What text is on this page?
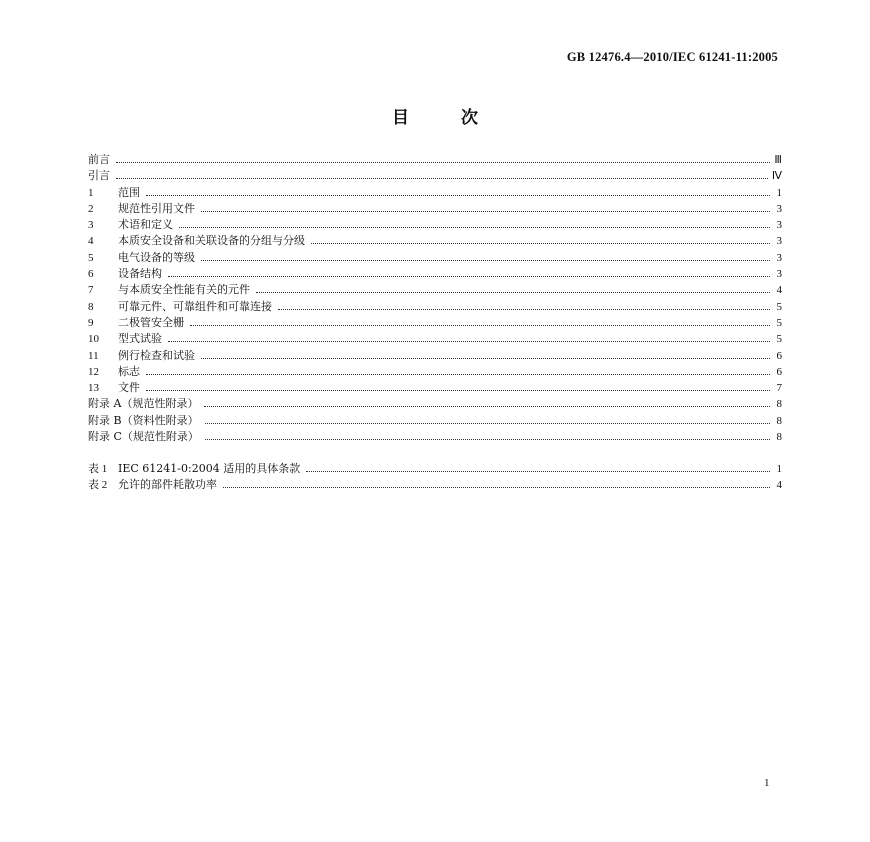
GB 12476.4—2010/IEC 61241-11:2005
目	次
前言	Ⅲ
引言	Ⅳ
1	范围	1
2	规范性引用文件	3
3	术语和定义	3
4	本质安全设备和关联设备的分组与分级	3
5	电气设备的等级	3
6	设备结构	3
7	与本质安全性能有关的元件	4
8	可靠元件、可靠组件和可靠连接	5
9	二极管安全栅	5
10	型式试验	5
11	例行检查和试验	6
12	标志	6
13	文件	7
附录 A（规范性附录）	8
附录 B（资料性附录）	8
附录 C（规范性附录）	8
表 1 IEC 61241-0:2004 适用的具体条款	1
表 2 允许的部件耗散功率	4
1
